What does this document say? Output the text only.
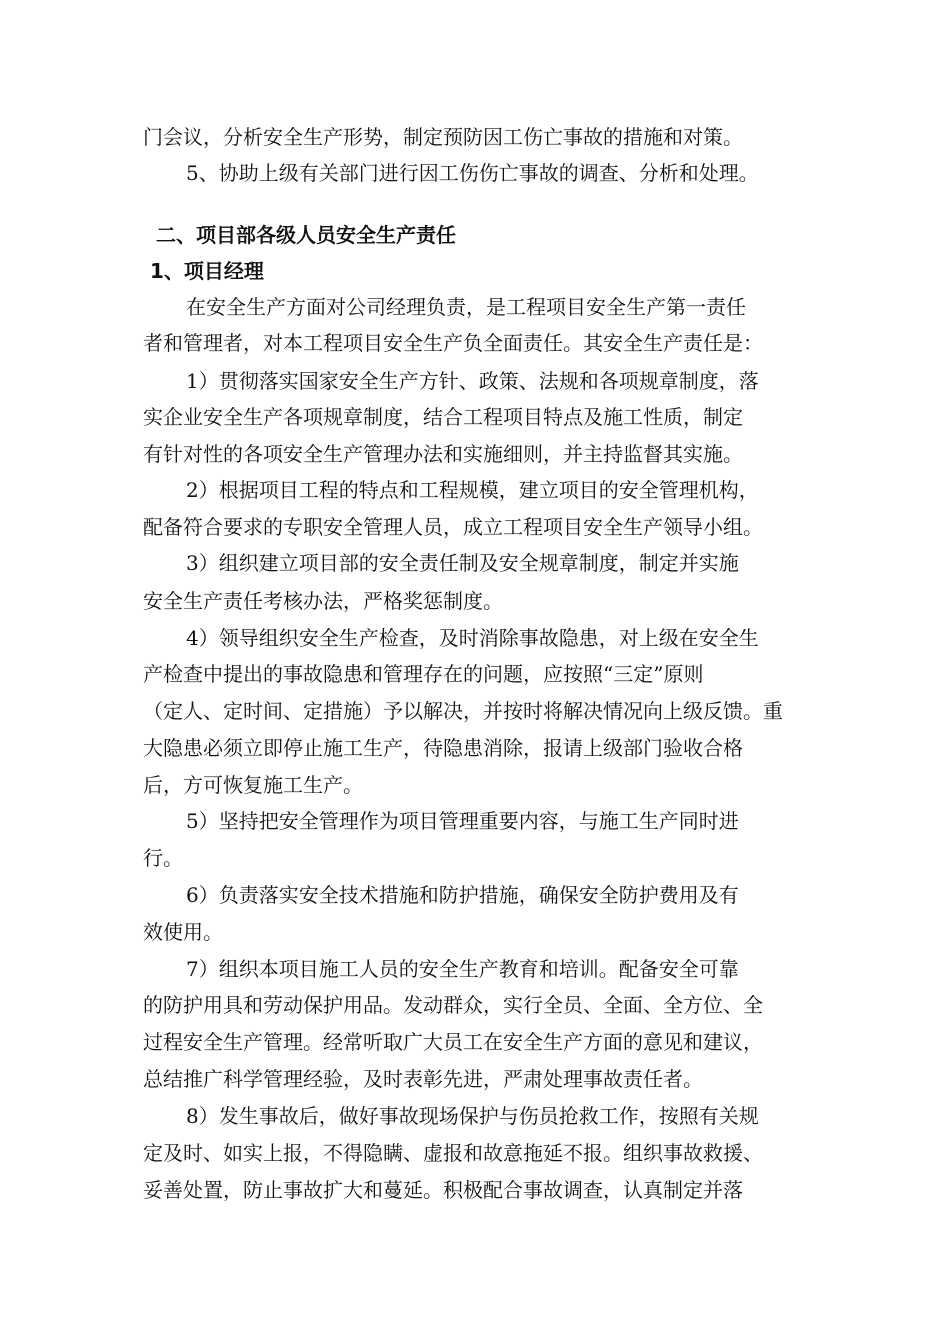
门会议，分析安全生产形势，制定预防因工伤亡事故的措施和对策。
5、协助上级有关部门进行因工伤伤亡事故的调查、分析和处理。
二、项目部各级人员安全生产责任
1、项目经理
在安全生产方面对公司经理负责，是工程项目安全生产第一责任
者和管理者，对本工程项目安全生产负全面责任。其安全生产责任是：
1）贯彻落实国家安全生产方针、政策、法规和各项规章制度，落
实企业安全生产各项规章制度，结合工程项目特点及施工性质，制定
有针对性的各项安全生产管理办法和实施细则，并主持监督其实施。
2）根据项目工程的特点和工程规模，建立项目的安全管理机构，
配备符合要求的专职安全管理人员，成立工程项目安全生产领导小组。
3）组织建立项目部的安全责任制及安全规章制度，制定并实施
安全生产责任考核办法，严格奖惩制度。
4）领导组织安全生产检查，及时消除事故隐患，对上级在安全生
产检查中提出的事故隐患和管理存在的问题，应按照“三定”原则
（定人、定时间、定措施）予以解决，并按时将解决情况向上级反馈。重
大隐患必须立即停止施工生产，待隐患消除，报请上级部门验收合格
后，方可恢复施工生产。
5）坚持把安全管理作为项目管理重要内容，与施工生产同时进
行。
6）负责落实安全技术措施和防护措施，确保安全防护费用及有
效使用。
7）组织本项目施工人员的安全生产教育和培训。配备安全可靠
的防护用具和劳动保护用品。发动群众，实行全员、全面、全方位、全
过程安全生产管理。经常听取广大员工在安全生产方面的意见和建议，
总结推广科学管理经验，及时表彰先进，严肃处理事故责任者。
8）发生事故后，做好事故现场保护与伤员抢救工作，按照有关规
定及时、如实上报，不得隐瞒、虚报和故意拖延不报。组织事故救援、
妥善处置，防止事故扩大和蔓延。积极配合事故调查，认真制定并落
